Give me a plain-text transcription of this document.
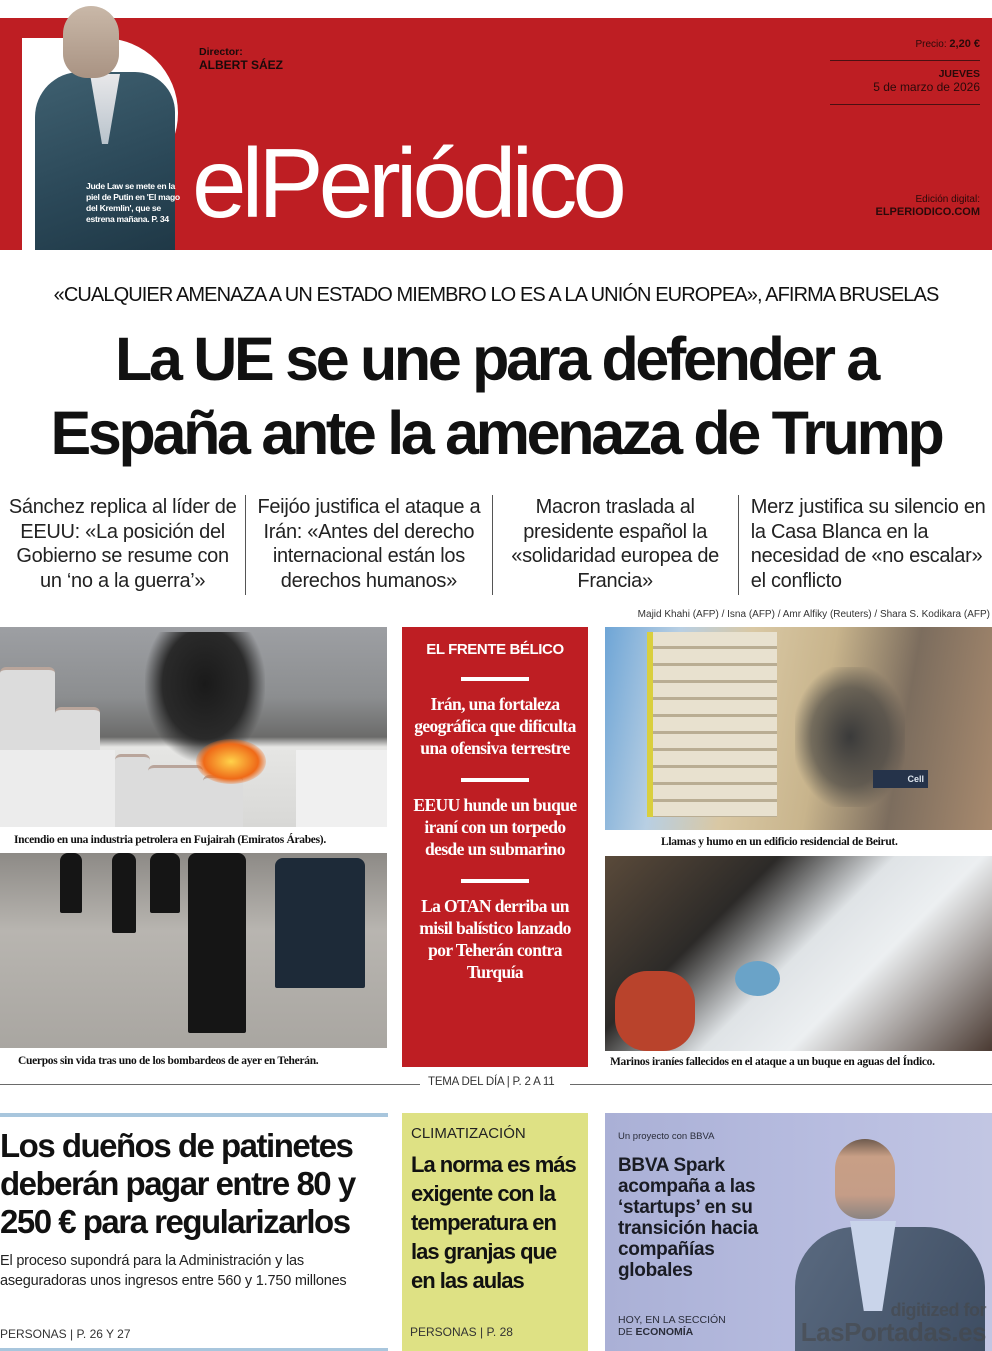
Jude Law se mete en la piel de Putin en 'El mago del Kremlin', que se estrena mañana. P. 34
Director:
ALBERT SÁEZ
elPeriódico
Precio: 2,20 €
JUEVES
5 de marzo de 2026
Edición digital:
ELPERIODICO.COM
«CUALQUIER AMENAZA A UN ESTADO MIEMBRO LO ES A LA UNIÓN EUROPEA», AFIRMA BRUSELAS
La UE se une para defender a
España ante la amenaza de Trump
Sánchez replica al líder de EEUU: «La posición del Gobierno se resume con un ‘no a la guerra’»
Feijóo justifica el ataque a Irán: «Antes del derecho internacional están los derechos humanos»
Macron traslada al presidente español la «solidaridad europea de Francia»
Merz justifica su silencio en la Casa Blanca en la necesidad de «no escalar» el conflicto
Majid Khahi (AFP) / Isna (AFP) / Amr Alfiky (Reuters) / Shara S. Kodikara (AFP)
Incendio en una industria petrolera en Fujairah (Emiratos Árabes).
Cuerpos sin vida tras uno de los bombardeos de ayer en Teherán.
Cell
Llamas y humo en un edificio residencial de Beirut.
Marinos iraníes fallecidos en el ataque a un buque en aguas del Índico.
EL FRENTE BÉLICO
Irán, una fortaleza geográfica que dificulta una ofensiva terrestre
EEUU hunde un buque iraní con un torpedo desde un submarino
La OTAN derriba un misil balístico lanzado por Teherán contra Turquía
TEMA DEL DÍA | P. 2 A 11
Los dueños de patinetes deberán pagar entre 80 y 250 € para regularizarlos

El proceso supondrá para la Administración y las aseguradoras unos ingresos entre 560 y 1.750 millones

PERSONAS | P. 26 Y 27
CLIMATIZACIÓN
La norma es más exigente con la temperatura en las granjas que en las aulas
PERSONAS | P. 28
Un proyecto con BBVA
BBVA Spark acompaña a las ‘startups’ en su transición hacia compañías globales
HOY, EN LA SECCIÓN
DE ECONOMÍA
digitized for
LasPortadas.es
